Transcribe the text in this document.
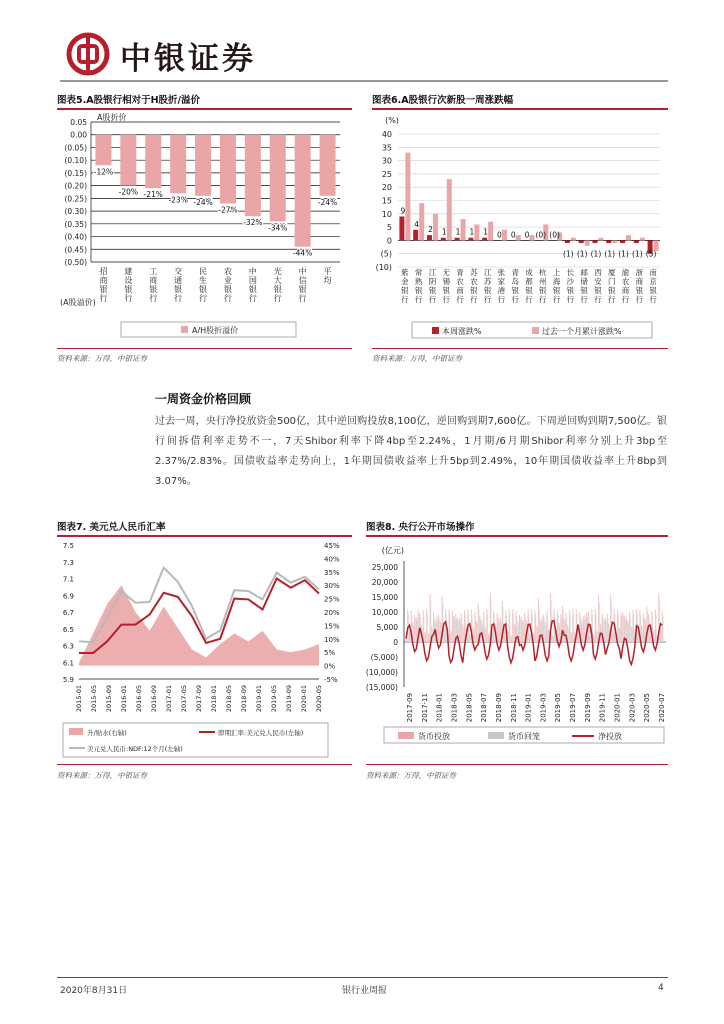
中银证券
图表5.A股银行相对于H股折/溢价
0.05
0.00
(0.05)
(0.10)
(0.15)
(0.20)
(0.25)
(0.30)
(0.35)
(0.40)
(0.45)
(0.50)
A股折价
-12%
招
商
银
行
-20%
建
设
银
行
-21%
工
商
银
行
-23%
交
通
银
行
-24%
民
生
银
行
-27%
农
业
银
行
-32%
中
国
银
行
-34%
光
大
银
行
-44%
中
信
银
行
-24%
平
均
(A股溢价)
A/H股折溢价
资料来源：万得，中银证券
图表6.A股银行次新股一周涨跌幅
40
35
30
25
20
15
10
5
0
(5)
(10)
(%)
9
紫
金
银
行
4
常
熟
银
行
2
江
阴
银
行
1
无
锡
银
行
1
青
农
商
行
1
苏
农
银
行
1
江
苏
银
行
0
张
家
港
行
0
青
岛
银
行
0
成
都
银
行
(0)
杭
州
银
行
(0)
上
海
银
行
(1)
长
沙
银
行
(1)
邮
储
银
行
(1)
西
安
银
行
(1)
厦
门
银
行
(1)
渝
农
商
行
(1)
浙
商
银
行
(5)
南
京
银
行
本周涨跌%	过去一个月累计涨跌%
资料来源：万得，中银证券
一周资金价格回顾
过去一周，央行净投放资金500亿，其中逆回购投放8,100亿，逆回购到期7,600亿。下周逆回购到期7,500亿。银行间拆借利率走势不一，7天Shibor利率下降4bp至2.24%，1月期/6月期Shibor利率分别上升3bp至2.37%/2.83%。国债收益率走势向上，1年期国债收益率上升5bp到2.49%，10年期国债收益率上升8bp到3.07%。
图表7. 美元兑人民币汇率
7.5
7.3
7.1
6.9
6.7
6.5
6.3
6.1
5.9
45%
40%
35%
30%
25%
20%
15%
10%
5%
0%
-5%
2015-01 2015-05 2015-09 2016-01 2016-05 2016-09 2017-01 2017-05 2017-09 2018-01 2018-05 2018-09 2019-01 2019-05 2019-09 2020-01 2020-05
升/贴水(右轴)	即期汇率:美元兑人民币(左轴)
美元兑人民币:NDF:12个月(左轴)
资料来源：万得，中银证券
图表8. 央行公开市场操作
(亿元)
25,000
20,000
15,000
10,000
5,000
0
(5,000)
(10,000)
(15,000)
2017-09 2017-11 2018-01 2018-03 2018-05 2018-07 2018-09 2018-11 2019-01 2019-03 2019-05 2019-07 2019-09 2019-11 2020-01 2020-03 2020-05 2020-07
货币投放	货币回笼	净投放
资料来源：万得，中银证券
2020年8月31日	银行业周报	4
